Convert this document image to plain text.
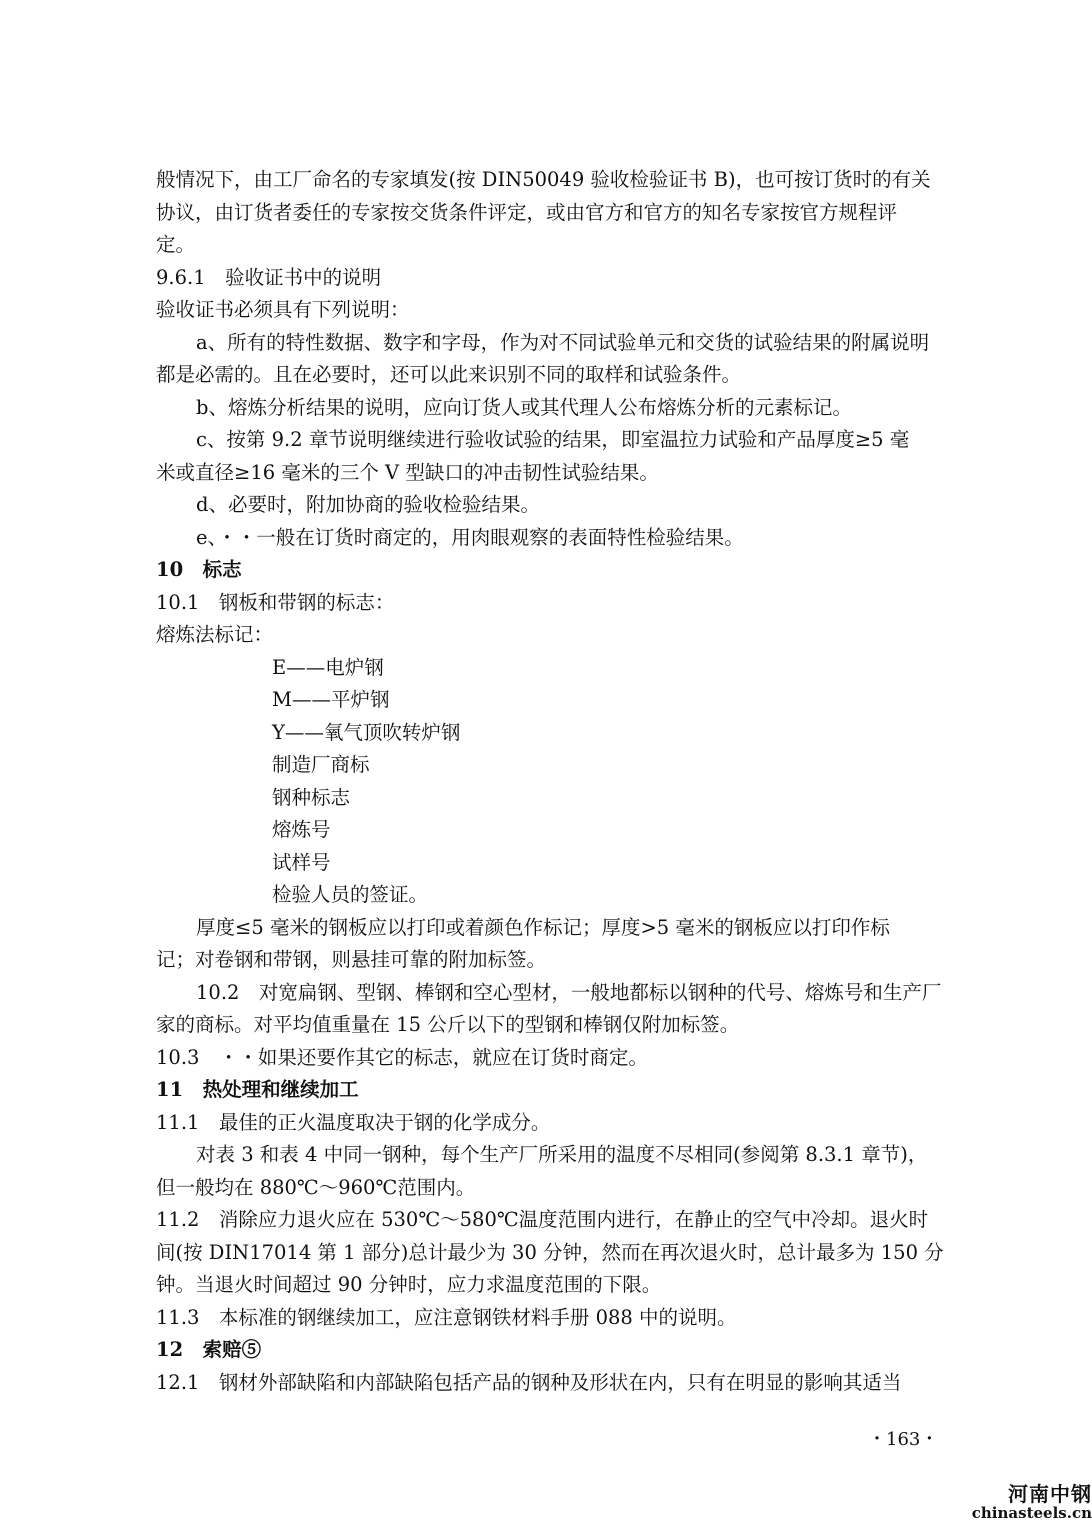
般情况下，由工厂命名的专家填发(按 DIN50049 验收检验证书 B)，也可按订货时的有关
协议，由订货者委任的专家按交货条件评定，或由官方和官方的知名专家按官方规程评
定。
9.6.1　验收证书中的说明
验收证书必须具有下列说明：
a、所有的特性数据、数字和字母，作为对不同试验单元和交货的试验结果的附属说明
都是必需的。且在必要时，还可以此来识别不同的取样和试验条件。
b、熔炼分析结果的说明，应向订货人或其代理人公布熔炼分析的元素标记。
c、按第 9.2 章节说明继续进行验收试验的结果，即室温拉力试验和产品厚度≥5 毫
米或直径≥16 毫米的三个 V 型缺口的冲击韧性试验结果。
d、必要时，附加协商的验收检验结果。
e、・・一般在订货时商定的，用肉眼观察的表面特性检验结果。
10　标志
10.1　钢板和带钢的标志：
熔炼法标记：
E——电炉钢
M——平炉钢
Y——氧气顶吹转炉钢
制造厂商标
钢种标志
熔炼号
试样号
检验人员的签证。
厚度≤5 毫米的钢板应以打印或着颜色作标记；厚度>5 毫米的钢板应以打印作标
记；对卷钢和带钢，则悬挂可靠的附加标签。
10.2　对宽扁钢、型钢、棒钢和空心型材，一般地都标以钢种的代号、熔炼号和生产厂
家的商标。对平均值重量在 15 公斤以下的型钢和棒钢仅附加标签。
10.3　・・如果还要作其它的标志，就应在订货时商定。
11　热处理和继续加工
11.1　最佳的正火温度取决于钢的化学成分。
对表 3 和表 4 中同一钢种，每个生产厂所采用的温度不尽相同(参阅第 8.3.1 章节)，
但一般均在 880℃～960℃范围内。
11.2　消除应力退火应在 530℃～580℃温度范围内进行，在静止的空气中冷却。退火时
间(按 DIN17014 第 1 部分)总计最少为 30 分钟，然而在再次退火时，总计最多为 150 分
钟。当退火时间超过 90 分钟时，应力求温度范围的下限。
11.3　本标准的钢继续加工，应注意钢铁材料手册 088 中的说明。
12　索赔⑤
12.1　钢材外部缺陷和内部缺陷包括产品的钢种及形状在内，只有在明显的影响其适当
・163・
河南中钢
chinasteels.cn
